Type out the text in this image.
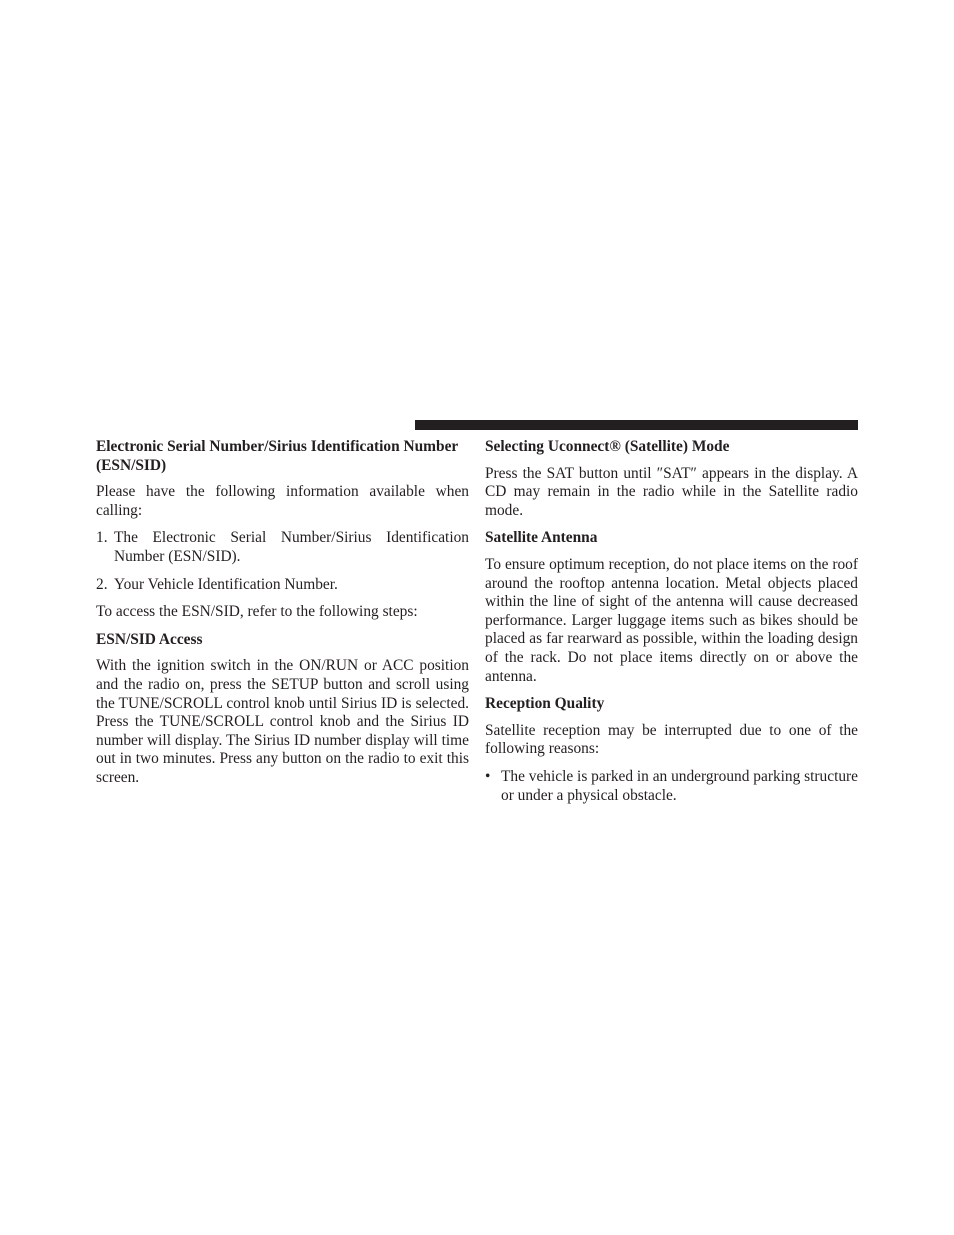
Electronic Serial Number/Sirius Identification Number (ESN/SID)

Please have the following information available when calling:

1. The Electronic Serial Number/Sirius Identification Number (ESN/SID).
2. Your Vehicle Identification Number.

To access the ESN/SID, refer to the following steps:

ESN/SID Access

With the ignition switch in the ON/RUN or ACC position and the radio on, press the SETUP button and scroll using the TUNE/SCROLL control knob until Sirius ID is selected. Press the TUNE/SCROLL control knob and the Sirius ID number will display. The Sirius ID number display will time out in two minutes. Press any button on the radio to exit this screen.

Selecting Uconnect® (Satellite) Mode

Press the SAT button until ″SAT″ appears in the display. A CD may remain in the radio while in the Satellite radio mode.

Satellite Antenna

To ensure optimum reception, do not place items on the roof around the rooftop antenna location. Metal objects placed within the line of sight of the antenna will cause decreased performance. Larger luggage items such as bikes should be placed as far rearward as possible, within the loading design of the rack. Do not place items directly on or above the antenna.

Reception Quality

Satellite reception may be interrupted due to one of the following reasons:

• The vehicle is parked in an underground parking structure or under a physical obstacle.
